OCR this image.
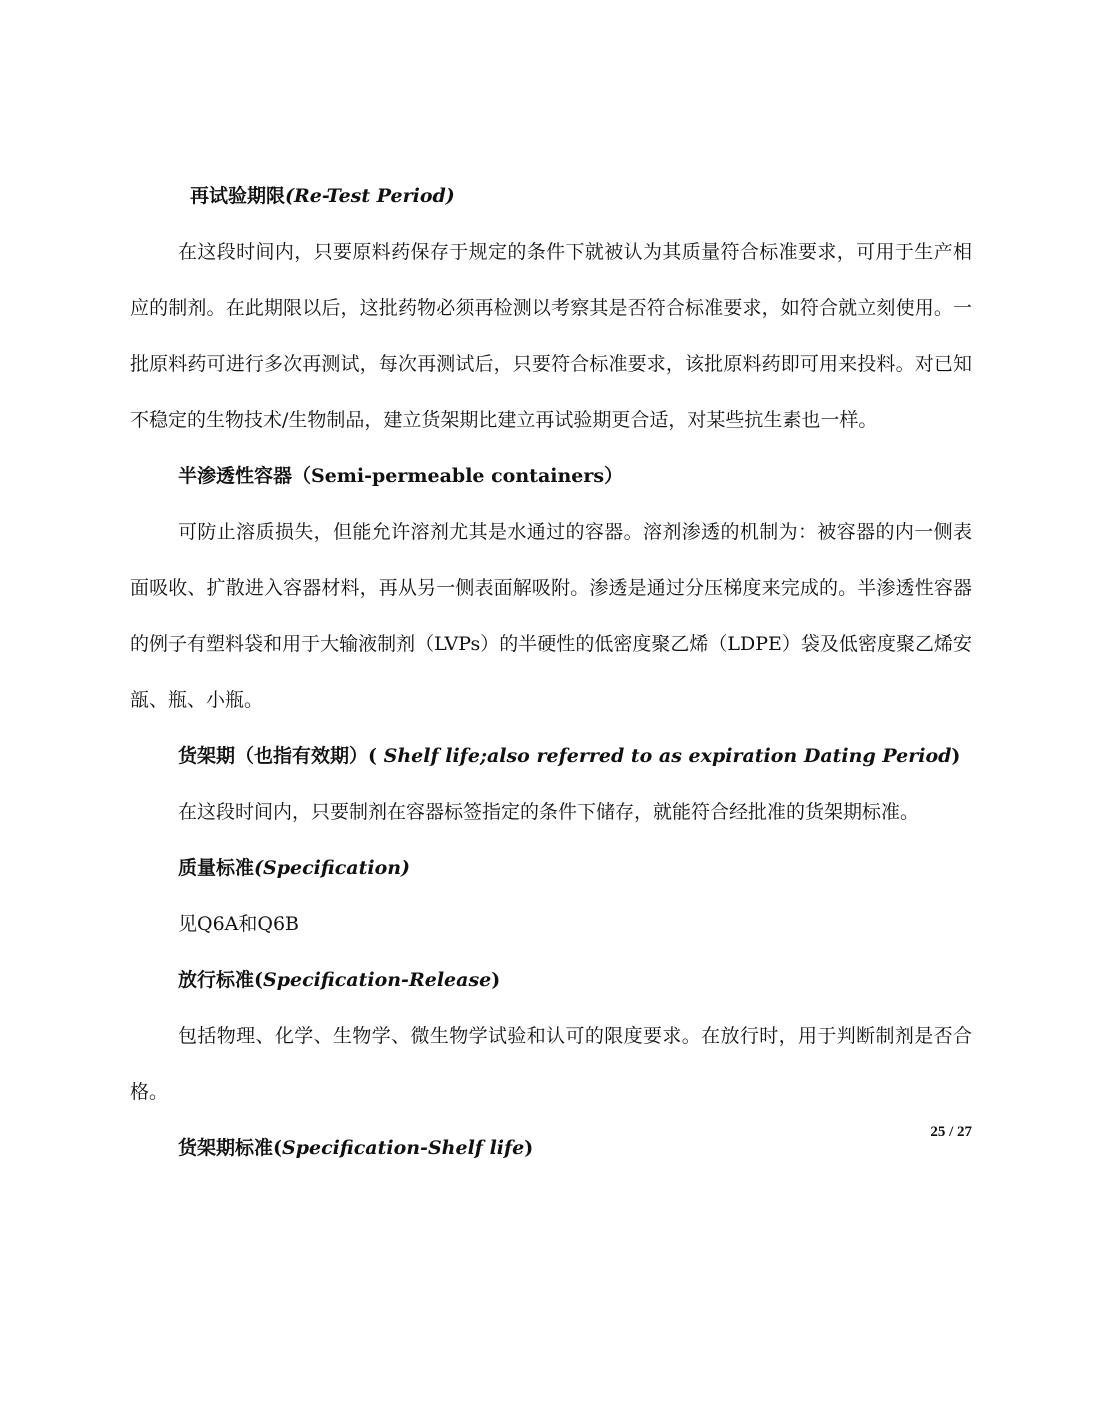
再试验期限(Re-Test Period)

在这段时间内，只要原料药保存于规定的条件下就被认为其质量符合标准要求，可用于生产相应的制剂。在此期限以后，这批药物必须再检测以考察其是否符合标准要求，如符合就立刻使用。一批原料药可进行多次再测试，每次再测试后，只要符合标准要求，该批原料药即可用来投料。对已知不稳定的生物技术/生物制品，建立货架期比建立再试验期更合适，对某些抗生素也一样。

半渗透性容器（Semi-permeable containers）

可防止溶质损失，但能允许溶剂尤其是水通过的容器。溶剂渗透的机制为：被容器的内一侧表面吸收、扩散进入容器材料，再从另一侧表面解吸附。渗透是通过分压梯度来完成的。半渗透性容器的例子有塑料袋和用于大输液制剂（LVPs）的半硬性的低密度聚乙烯（LDPE）袋及低密度聚乙烯安瓿、瓶、小瓶。

货架期（也指有效期）( Shelf life;also referred to as expiration Dating Period)

在这段时间内，只要制剂在容器标签指定的条件下储存，就能符合经批准的货架期标准。

质量标准(Specification)

见Q6A和Q6B

放行标准(Specification-Release)

包括物理、化学、生物学、微生物学试验和认可的限度要求。在放行时，用于判断制剂是否合格。

货架期标准(Specification-Shelf life)
25 / 27
